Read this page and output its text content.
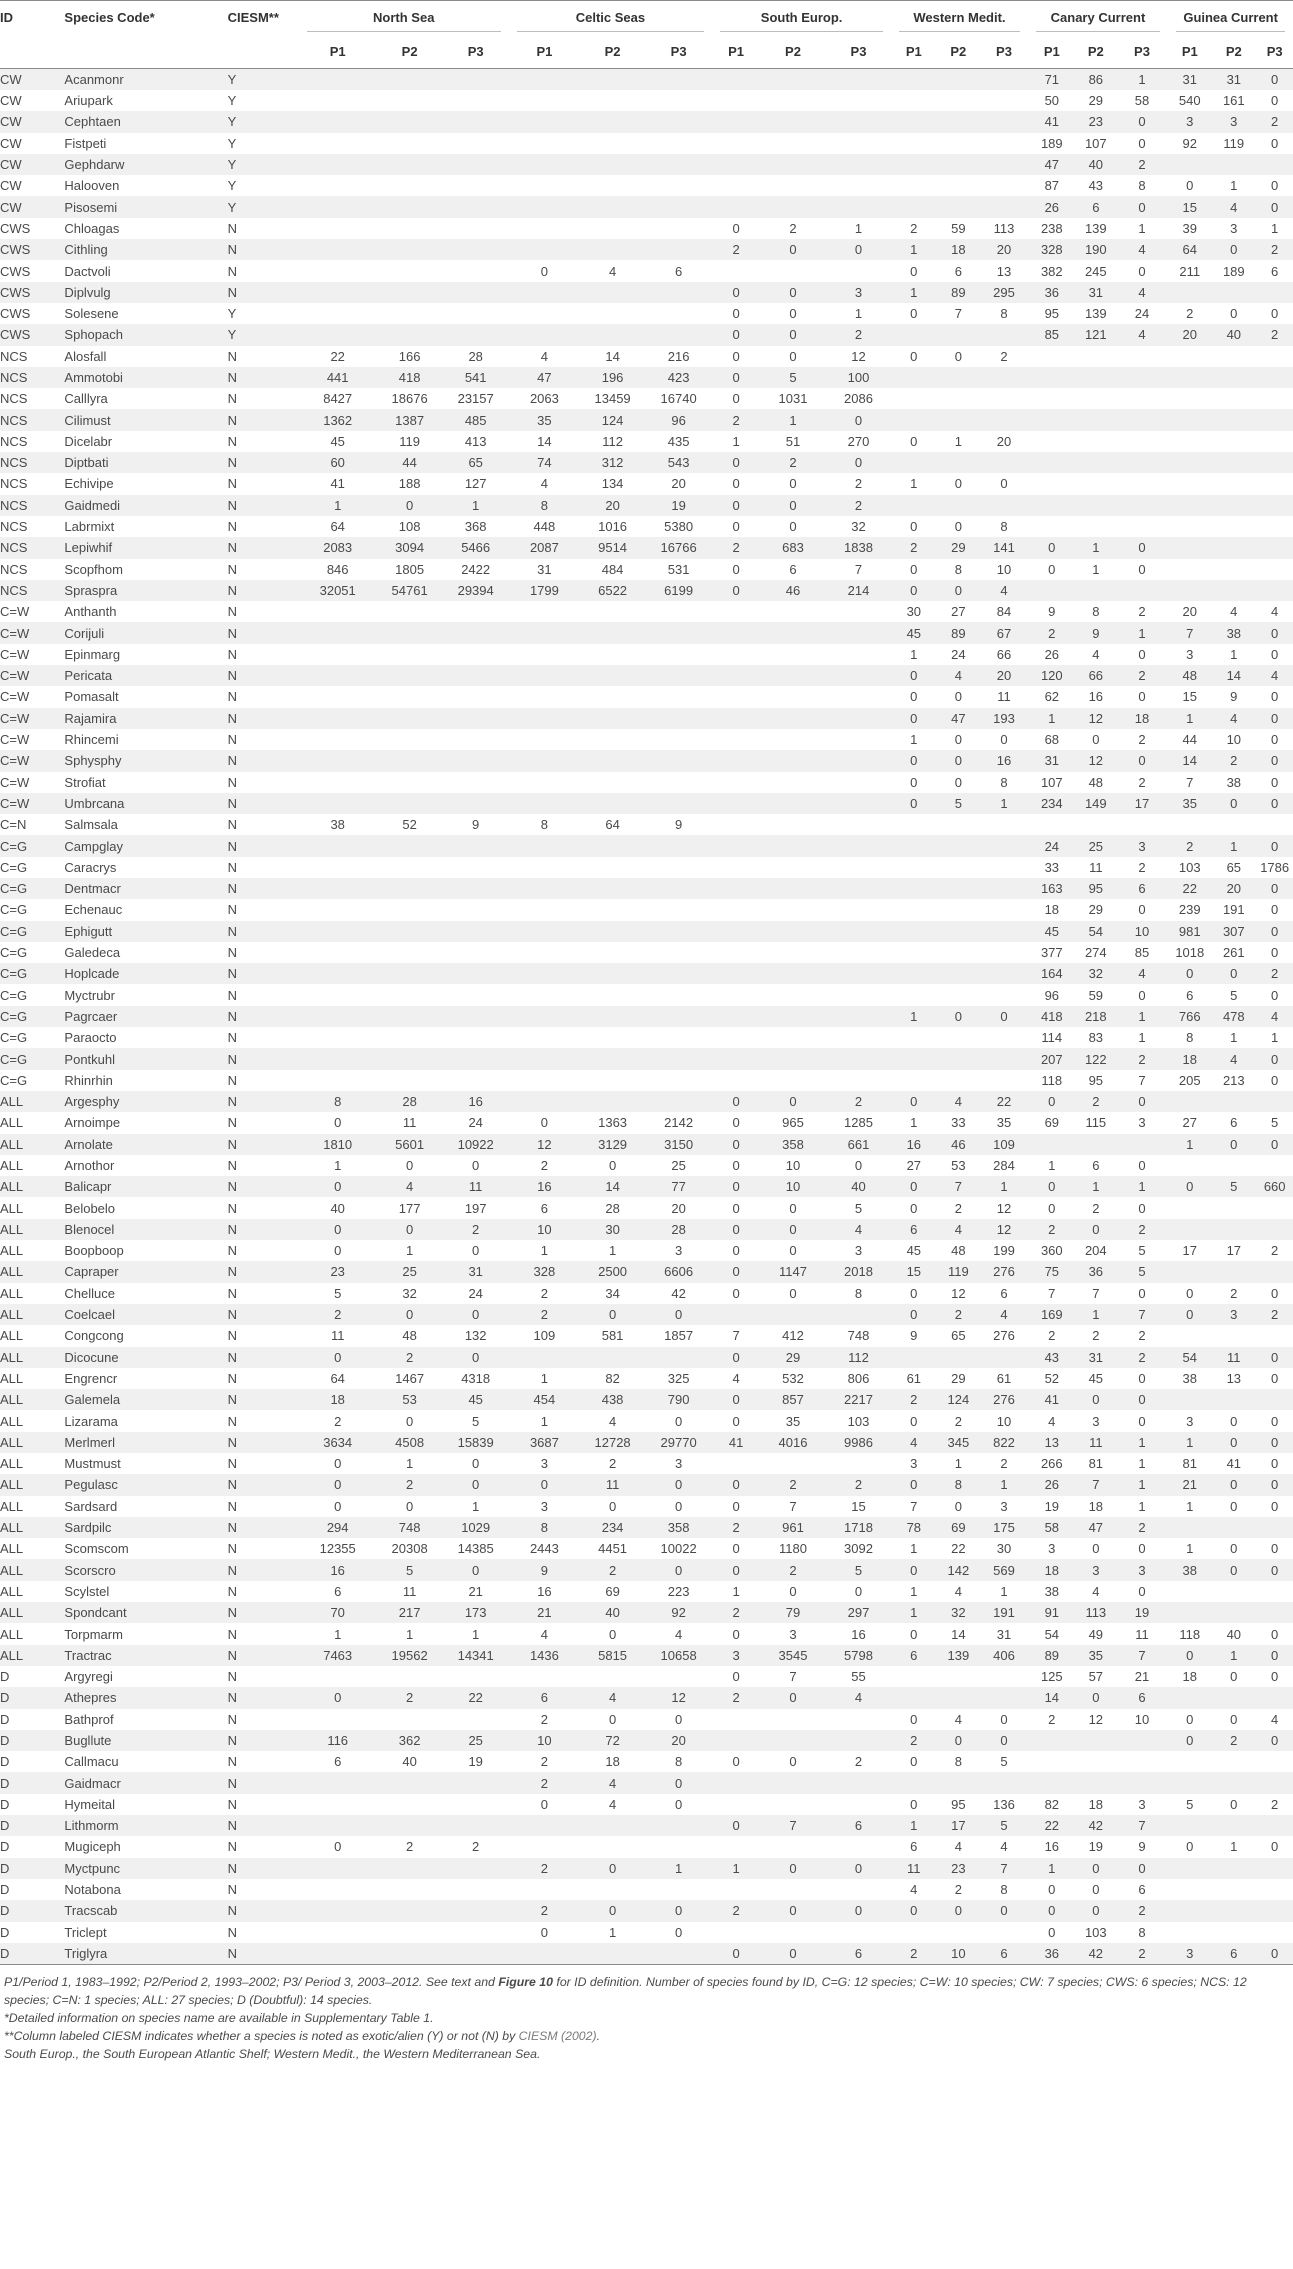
ID	Species Code*	CIESM**	North Sea			Celtic Seas			South Europ.			Western Medit.			Canary Current			Guinea Current		

			P1	P2	P3	P1	P2	P3	P1	P2	P3	P1	P2	P3	P1	P2	P3	P1	P2	P3
CW	Acanmonr	Y													71	86	1	31	31	0
CW	Ariupark	Y													50	29	58	540	161	0
CW	Cephtaen	Y													41	23	0	3	3	2
CW	Fistpeti	Y													189	107	0	92	119	0
CW	Gephdarw	Y													47	40	2			
CW	Halooven	Y													87	43	8	0	1	0
CW	Pisosemi	Y													26	6	0	15	4	0
CWS	Chloagas	N							0	2	1	2	59	113	238	139	1	39	3	1
CWS	Cithling	N							2	0	0	1	18	20	328	190	4	64	0	2
CWS	Dactvoli	N				0	4	6				0	6	13	382	245	0	211	189	6
CWS	Diplvulg	N							0	0	3	1	89	295	36	31	4			
CWS	Solesene	Y							0	0	1	0	7	8	95	139	24	2	0	0
CWS	Sphopach	Y							0	0	2				85	121	4	20	40	2
NCS	Alosfall	N	22	166	28	4	14	216	0	0	12	0	0	2						
NCS	Ammotobi	N	441	418	541	47	196	423	0	5	100									
NCS	Calllyra	N	8427	18676	23157	2063	13459	16740	0	1031	2086									
NCS	Cilimust	N	1362	1387	485	35	124	96	2	1	0									
NCS	Dicelabr	N	45	119	413	14	112	435	1	51	270	0	1	20						
NCS	Diptbati	N	60	44	65	74	312	543	0	2	0									
NCS	Echivipe	N	41	188	127	4	134	20	0	0	2	1	0	0						
NCS	Gaidmedi	N	1	0	1	8	20	19	0	0	2									
NCS	Labrmixt	N	64	108	368	448	1016	5380	0	0	32	0	0	8						
NCS	Lepiwhif	N	2083	3094	5466	2087	9514	16766	2	683	1838	2	29	141	0	1	0			
NCS	Scopfhom	N	846	1805	2422	31	484	531	0	6	7	0	8	10	0	1	0			
NCS	Spraspra	N	32051	54761	29394	1799	6522	6199	0	46	214	0	0	4						
C=W	Anthanth	N										30	27	84	9	8	2	20	4	4
C=W	Corijuli	N										45	89	67	2	9	1	7	38	0
C=W	Epinmarg	N										1	24	66	26	4	0	3	1	0
C=W	Pericata	N										0	4	20	120	66	2	48	14	4
C=W	Pomasalt	N										0	0	11	62	16	0	15	9	0
C=W	Rajamira	N										0	47	193	1	12	18	1	4	0
C=W	Rhincemi	N										1	0	0	68	0	2	44	10	0
C=W	Sphysphy	N										0	0	16	31	12	0	14	2	0
C=W	Strofiat	N										0	0	8	107	48	2	7	38	0
C=W	Umbrcana	N										0	5	1	234	149	17	35	0	0
C=N	Salmsala	N	38	52	9	8	64	9												
C=G	Campglay	N													24	25	3	2	1	0
C=G	Caracrys	N													33	11	2	103	65	1786
C=G	Dentmacr	N													163	95	6	22	20	0
C=G	Echenauc	N													18	29	0	239	191	0
C=G	Ephigutt	N													45	54	10	981	307	0
C=G	Galedeca	N													377	274	85	1018	261	0
C=G	Hoplcade	N													164	32	4	0	0	2
C=G	Myctrubr	N													96	59	0	6	5	0
C=G	Pagrcaer	N										1	0	0	418	218	1	766	478	4
C=G	Paraocto	N													114	83	1	8	1	1
C=G	Pontkuhl	N													207	122	2	18	4	0
C=G	Rhinrhin	N													118	95	7	205	213	0
ALL	Argesphy	N	8	28	16				0	0	2	0	4	22	0	2	0			
ALL	Arnoimpe	N	0	11	24	0	1363	2142	0	965	1285	1	33	35	69	115	3	27	6	5
ALL	Arnolate	N	1810	5601	10922	12	3129	3150	0	358	661	16	46	109				1	0	0
ALL	Arnothor	N	1	0	0	2	0	25	0	10	0	27	53	284	1	6	0			
ALL	Balicapr	N	0	4	11	16	14	77	0	10	40	0	7	1	0	1	1	0	5	660
ALL	Belobelo	N	40	177	197	6	28	20	0	0	5	0	2	12	0	2	0			
ALL	Blenocel	N	0	0	2	10	30	28	0	0	4	6	4	12	2	0	2			
ALL	Boopboop	N	0	1	0	1	1	3	0	0	3	45	48	199	360	204	5	17	17	2
ALL	Capraper	N	23	25	31	328	2500	6606	0	1147	2018	15	119	276	75	36	5			
ALL	Chelluce	N	5	32	24	2	34	42	0	0	8	0	12	6	7	7	0	0	2	0
ALL	Coelcael	N	2	0	0	2	0	0				0	2	4	169	1	7	0	3	2
ALL	Congcong	N	11	48	132	109	581	1857	7	412	748	9	65	276	2	2	2			
ALL	Dicocune	N	0	2	0				0	29	112				43	31	2	54	11	0
ALL	Engrencr	N	64	1467	4318	1	82	325	4	532	806	61	29	61	52	45	0	38	13	0
ALL	Galemela	N	18	53	45	454	438	790	0	857	2217	2	124	276	41	0	0			
ALL	Lizarama	N	2	0	5	1	4	0	0	35	103	0	2	10	4	3	0	3	0	0
ALL	Merlmerl	N	3634	4508	15839	3687	12728	29770	41	4016	9986	4	345	822	13	11	1	1	0	0
ALL	Mustmust	N	0	1	0	3	2	3				3	1	2	266	81	1	81	41	0
ALL	Pegulasc	N	0	2	0	0	11	0	0	2	2	0	8	1	26	7	1	21	0	0
ALL	Sardsard	N	0	0	1	3	0	0	0	7	15	7	0	3	19	18	1	1	0	0
ALL	Sardpilc	N	294	748	1029	8	234	358	2	961	1718	78	69	175	58	47	2			
ALL	Scomscom	N	12355	20308	14385	2443	4451	10022	0	1180	3092	1	22	30	3	0	0	1	0	0
ALL	Scorscro	N	16	5	0	9	2	0	0	2	5	0	142	569	18	3	3	38	0	0
ALL	Scylstel	N	6	11	21	16	69	223	1	0	0	1	4	1	38	4	0			
ALL	Spondcant	N	70	217	173	21	40	92	2	79	297	1	32	191	91	113	19			
ALL	Torpmarm	N	1	1	1	4	0	4	0	3	16	0	14	31	54	49	11	118	40	0
ALL	Tractrac	N	7463	19562	14341	1436	5815	10658	3	3545	5798	6	139	406	89	35	7	0	1	0
D	Argyregi	N							0	7	55				125	57	21	18	0	0
D	Athepres	N	0	2	22	6	4	12	2	0	4				14	0	6			
D	Bathprof	N				2	0	0				0	4	0	2	12	10	0	0	4
D	Bugllute	N	116	362	25	10	72	20				2	0	0				0	2	0
D	Callmacu	N	6	40	19	2	18	8	0	0	2	0	8	5						
D	Gaidmacr	N				2	4	0												
D	Hymeital	N				0	4	0				0	95	136	82	18	3	5	0	2
D	Lithmorm	N							0	7	6	1	17	5	22	42	7			
D	Mugiceph	N	0	2	2							6	4	4	16	19	9	0	1	0
D	Myctpunc	N				2	0	1	1	0	0	11	23	7	1	0	0			
D	Notabona	N										4	2	8	0	0	6			
D	Tracscab	N				2	0	0	2	0	0	0	0	0	0	0	2			
D	Triclept	N				0	1	0							0	103	8			
D	Triglyra	N							0	0	6	2	10	6	36	42	2	3	6	0

P1/Period 1, 1983–1992; P2/Period 2, 1993–2002; P3/ Period 3, 2003–2012. See text and Figure 10 for ID definition. Number of species found by ID, C=G: 12 species; C=W: 10 species; CW: 7 species; CWS: 6 species; NCS: 12 species; C=N: 1 species; ALL: 27 species; D (Doubtful): 14 species.

*Detailed information on species name are available in Supplementary Table 1.

**Column labeled CIESM indicates whether a species is noted as exotic/alien (Y) or not (N) by CIESM (2002).

South Europ., the South European Atlantic Shelf; Western Medit., the Western Mediterranean Sea.
